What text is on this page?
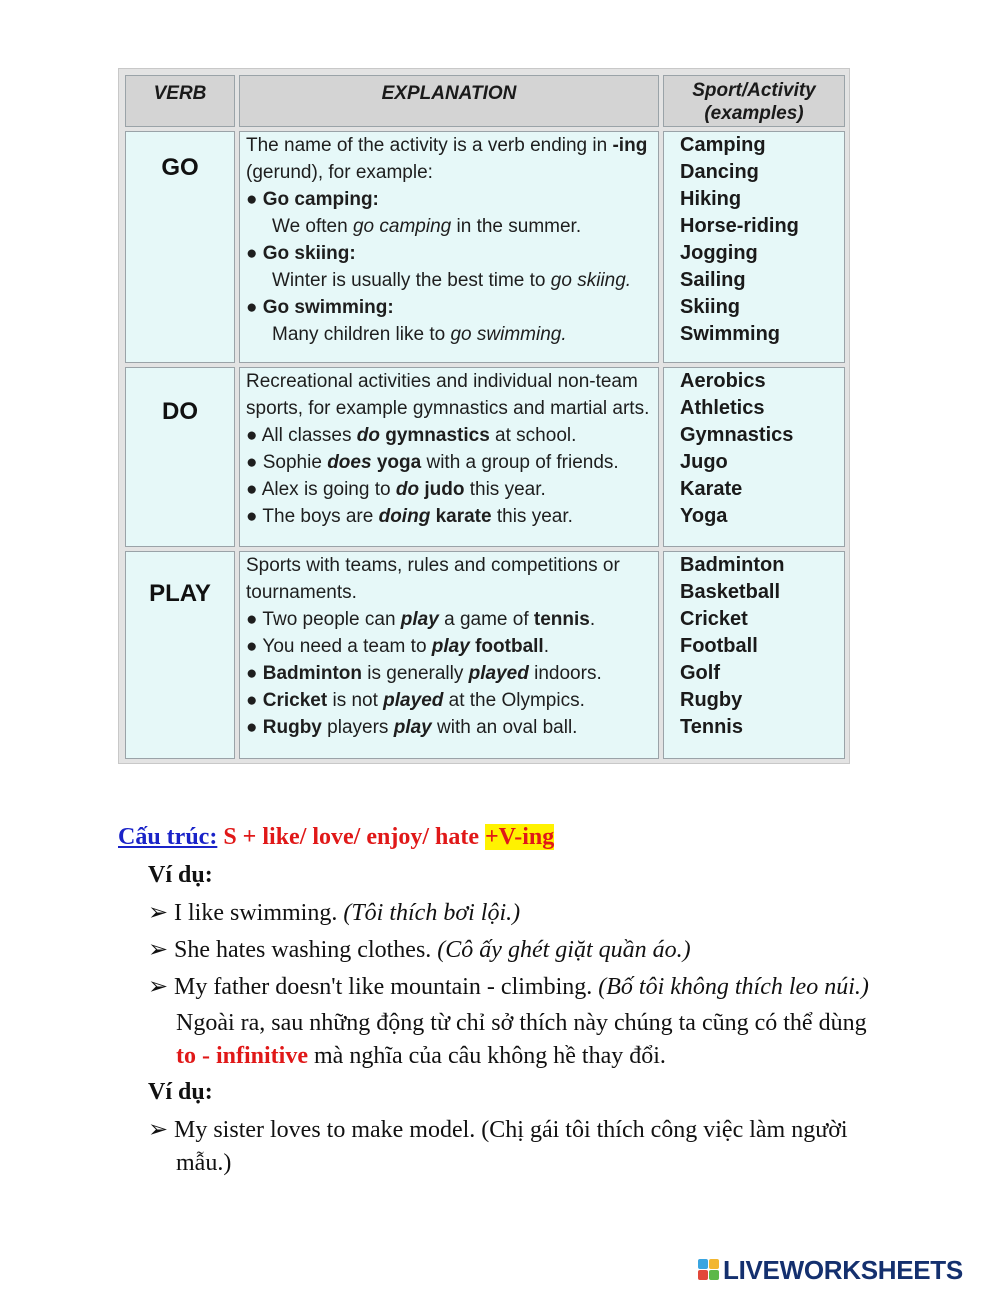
VERB	EXPLANATION	Sport/Activity
(examples)
GO

The name of the activity is a verb ending in -ing

(gerund), for example:

● Go camping:

We often go camping in the summer.

● Go skiing:

Winter is usually the best time to go skiing.

● Go swimming:

Many children like to go swimming.

Camping

Dancing

Hiking

Horse-riding

Jogging

Sailing

Skiing

Swimming

DO

Recreational activities and individual non-team

sports, for example gymnastics and martial arts.

● All classes do gymnastics at school.

● Sophie does yoga with a group of friends.

● Alex is going to do judo this year.

● The boys are doing karate this year.

Aerobics

Athletics

Gymnastics

Jugo

Karate

Yoga

PLAY

Sports with teams, rules and competitions or

tournaments.

● Two people can play a game of tennis.

● You need a team to play football.

● Badminton is generally played indoors.

● Cricket is not played at the Olympics.

● Rugby players play with an oval ball.

Badminton

Basketball

Cricket

Football

Golf

Rugby

Tennis

Cấu trúc: S + like/ love/ enjoy/ hate +V-ing
Ví dụ:
➢ I like swimming. (Tôi thích bơi lội.)
➢ She hates washing clothes. (Cô ấy ghét giặt quần áo.)
➢ My father doesn't like mountain - climbing. (Bố tôi không thích leo núi.)
Ngoài ra, sau những động từ chỉ sở thích này chúng ta cũng có thể dùng
to - infinitive mà nghĩa của câu không hề thay đổi.
Ví dụ:
➢ My sister loves to make model. (Chị gái tôi thích công việc làm người
mẫu.)
LIVEWORKSHEETS
